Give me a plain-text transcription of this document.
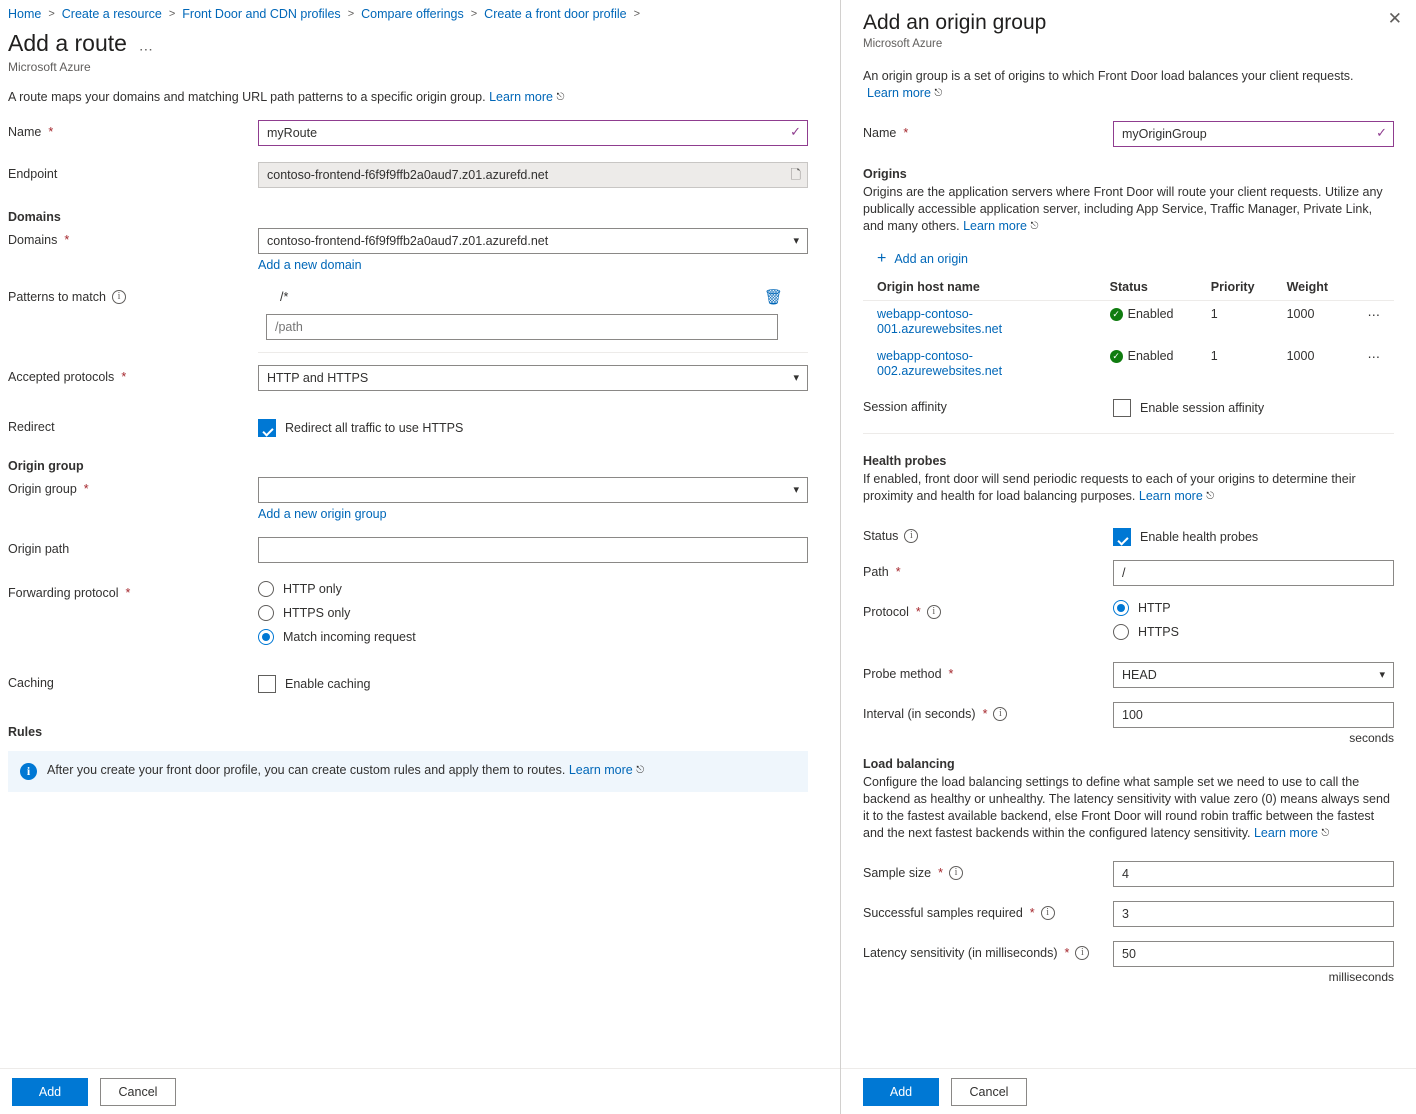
Home > Create a resource > Front Door and CDN profiles > Compare offerings > Create a front door profile >
Add a route ⋯
Microsoft Azure
A route maps your domains and matching URL path patterns to a specific origin group. Learn more ⎋
Name *
myRoute	✓
Endpoint
contoso-frontend-f6f9f9ffb2a0aud7.z01.azurefd.net	🗋
Domains
Domains *	contoso-frontend-f6f9f9ffb2a0aud7.z01.azurefd.net	▾
Add a new domain
Patterns to match	i	/*	🗑
/path
Accepted protocols *	HTTP and HTTPS	▾
Redirect	Redirect all traffic to use HTTPS
Origin group
Origin group *	▾
Add a new origin group
Origin path
Forwarding protocol *	HTTP only
HTTPS only
Match incoming request
Caching	Enable caching
Rules
i	After you create your front door profile, you can create custom rules and apply them to routes. Learn more ⎋
Add	Cancel
Add an origin group
Microsoft Azure
✕
An origin group is a set of origins to which Front Door load balances your client requests.
Learn more ⎋
Name *
myOriginGroup	✓
Origins
Origins are the application servers where Front Door will route your client requests. Utilize any publically accessible application server, including App Service, Traffic Manager, Private Link, and many others. Learn more ⎋
+ Add an origin
Origin host name	Status	Priority	Weight	
webapp-contoso-001.azurewebsites.net	✓ Enabled	1	1000	⋯
webapp-contoso-002.azurewebsites.net	✓ Enabled	1	1000	⋯
Session affinity	Enable session affinity
Health probes
If enabled, front door will send periodic requests to each of your origins to determine their proximity and health for load balancing purposes. Learn more ⎋
Status	i	Enable health probes
Path *
/
Protocol *	i	HTTP
HTTPS
Probe method *	HEAD	▾
Interval (in seconds) *	i
100
seconds
Load balancing
Configure the load balancing settings to define what sample set we need to use to call the backend as healthy or unhealthy. The latency sensitivity with value zero (0) means always send it to the fastest available backend, else Front Door will round robin traffic between the fastest and the next fastest backends within the configured latency sensitivity. Learn more ⎋
Sample size *	i
4
Successful samples required *	i
3
Latency sensitivity (in milliseconds) *	i
50
milliseconds
Add	Cancel
